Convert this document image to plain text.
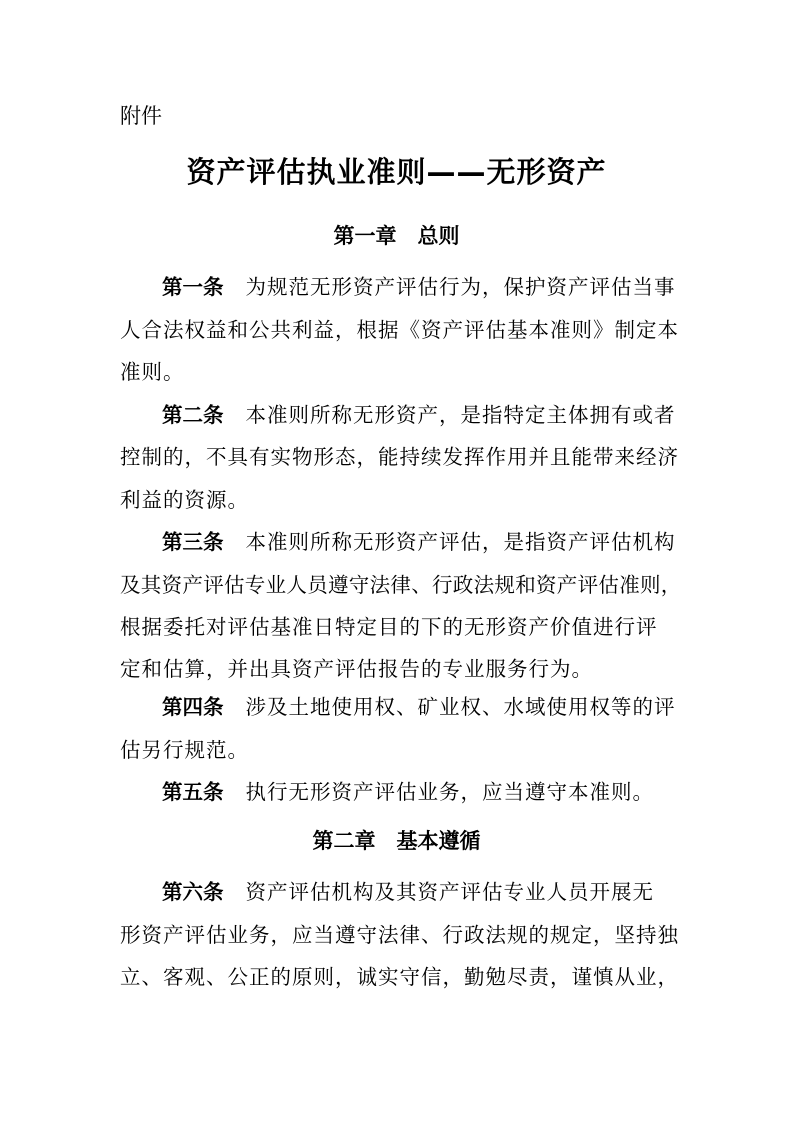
附件
资产评估执业准则——无形资产
第一章　总则
第一条 为规范无形资产评估行为，保护资产评估当事
人合法权益和公共利益，根据《资产评估基本准则》制定本
准则。
第二条 本准则所称无形资产，是指特定主体拥有或者
控制的，不具有实物形态，能持续发挥作用并且能带来经济
利益的资源。
第三条 本准则所称无形资产评估，是指资产评估机构
及其资产评估专业人员遵守法律、行政法规和资产评估准则，
根据委托对评估基准日特定目的下的无形资产价值进行评
定和估算，并出具资产评估报告的专业服务行为。
第四条 涉及土地使用权、矿业权、水域使用权等的评
估另行规范。
第五条 执行无形资产评估业务，应当遵守本准则。
第二章　基本遵循
第六条 资产评估机构及其资产评估专业人员开展无
形资产评估业务，应当遵守法律、行政法规的规定，坚持独
立、客观、公正的原则，诚实守信，勤勉尽责，谨慎从业，
